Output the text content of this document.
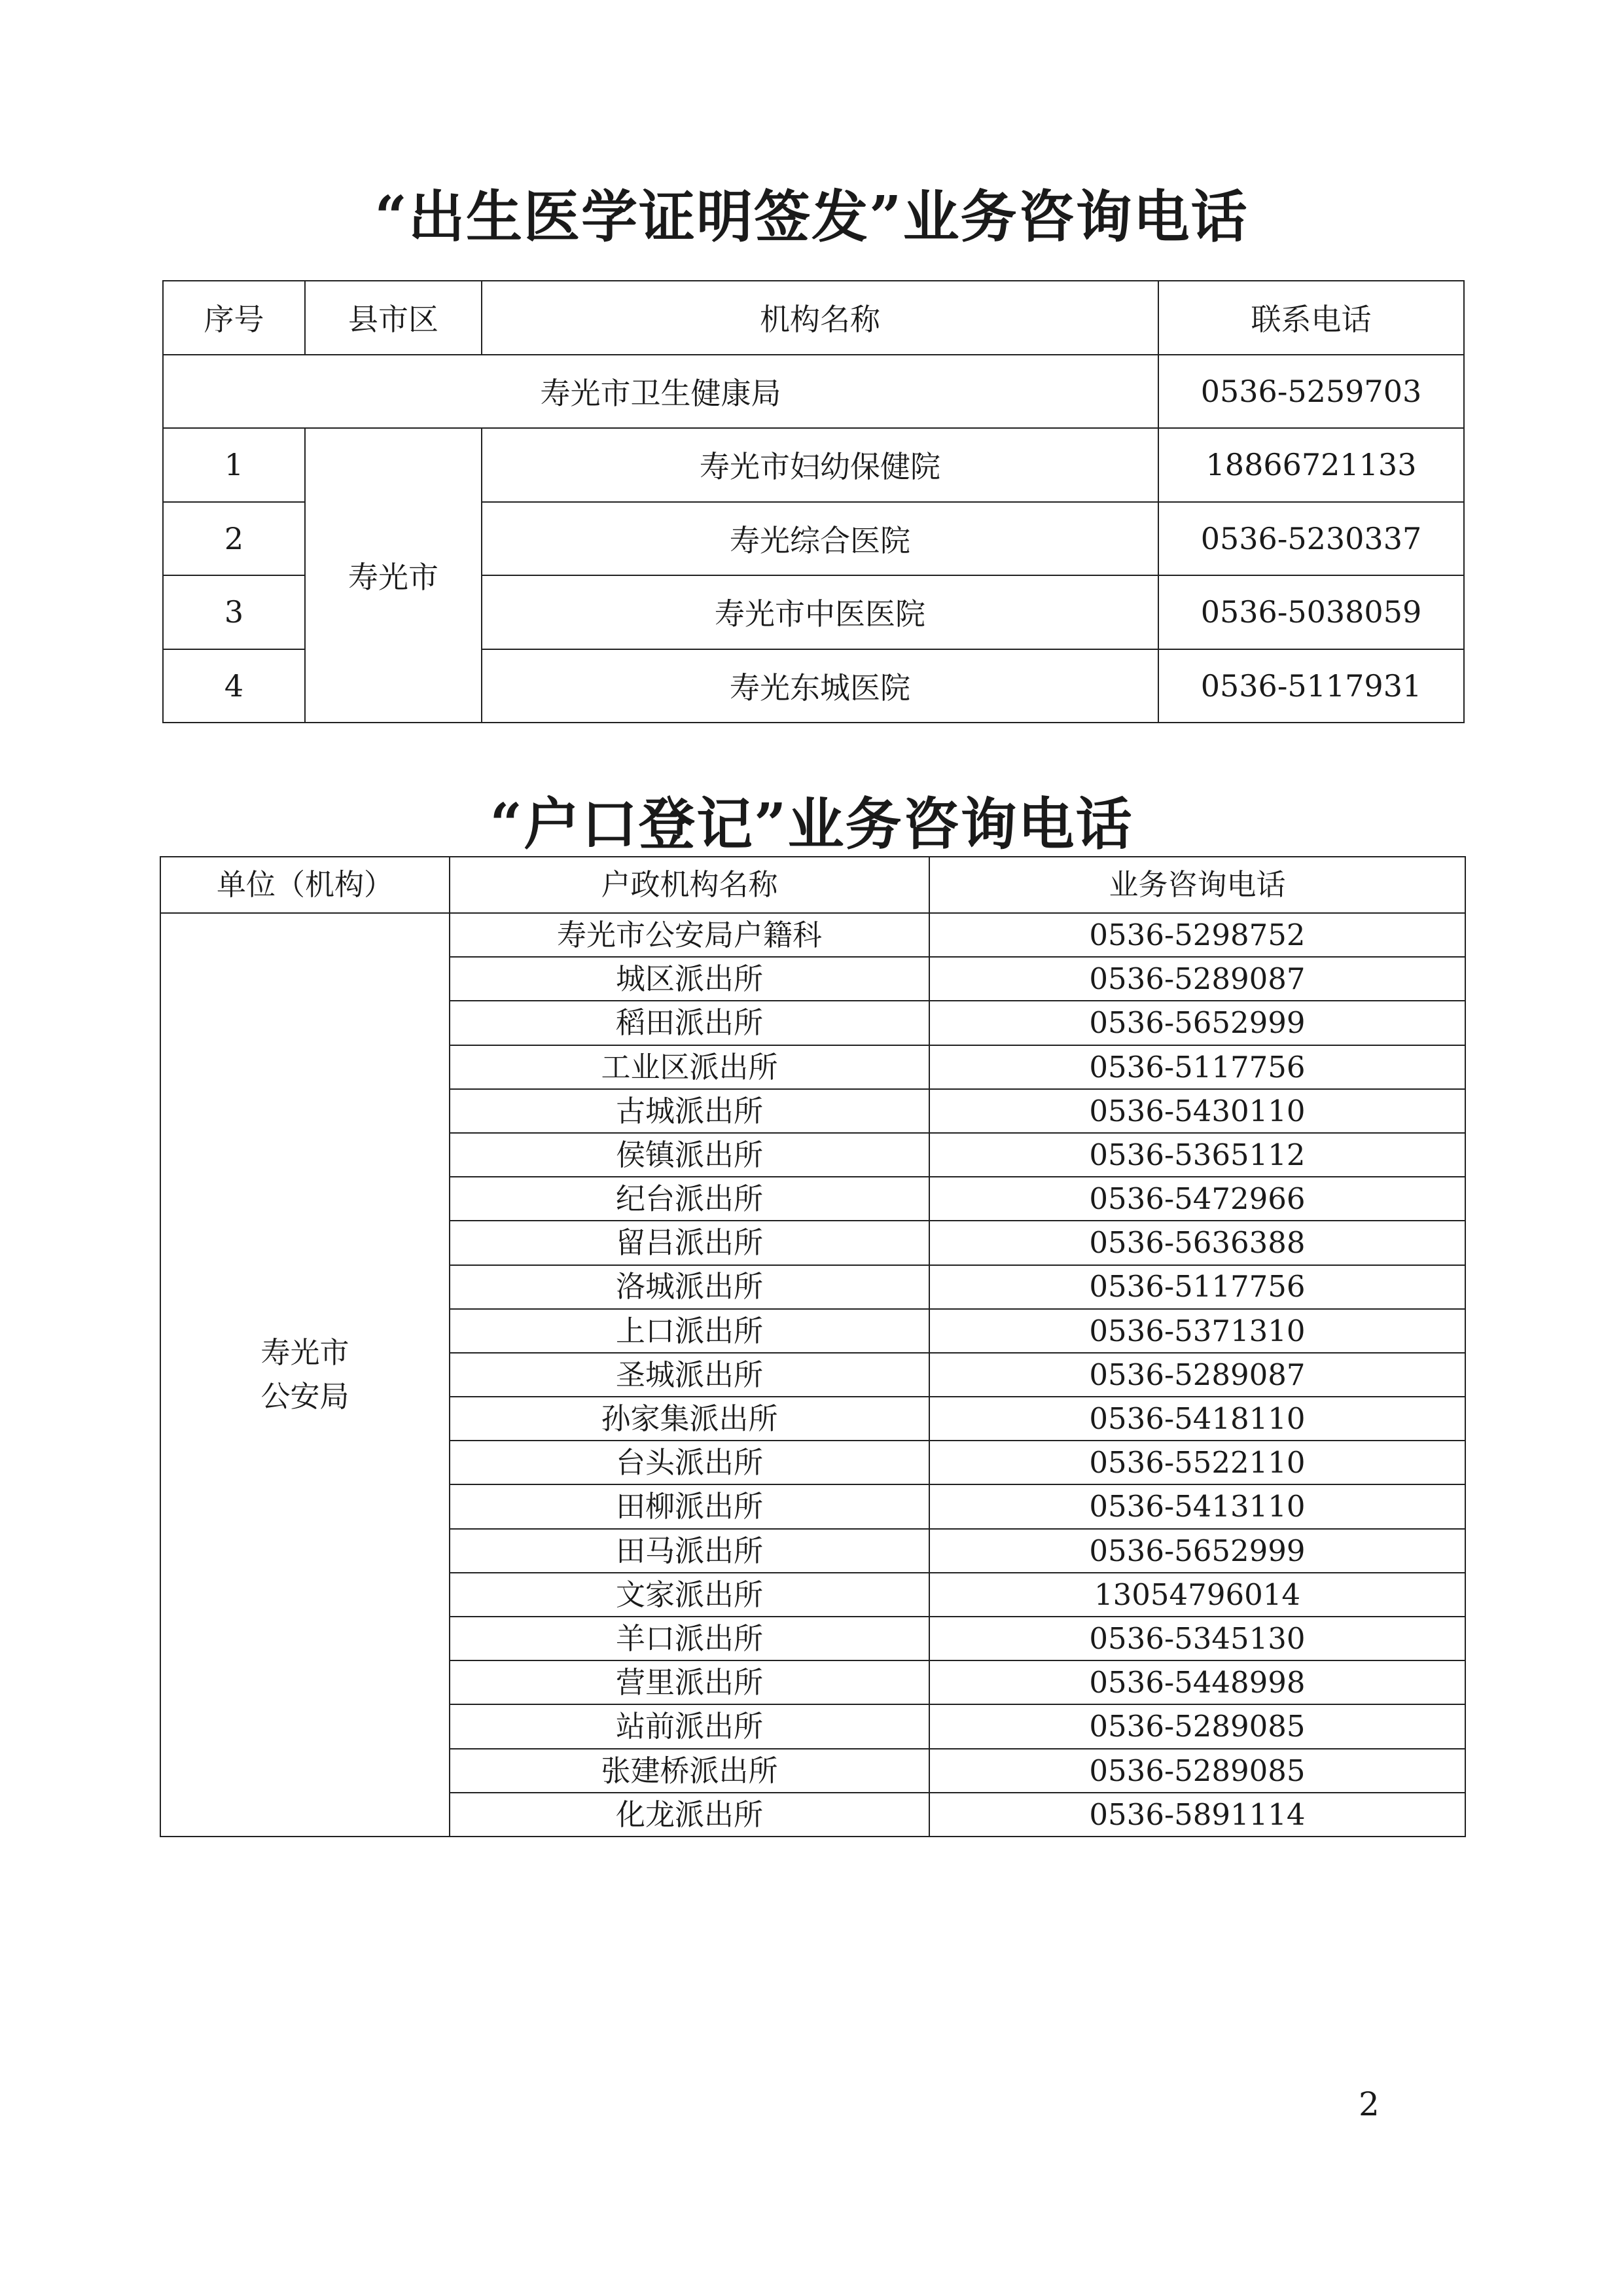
“出生医学证明签发”业务咨询电话
序号	县市区	机构名称	联系电话
寿光市卫生健康局			0536-5259703
1	寿光市	寿光市妇幼保健院	18866721133
2		寿光综合医院	0536-5230337
3		寿光市中医医院	0536-5038059
4		寿光东城医院	0536-5117931
“户口登记”业务咨询电话
单位（机构）	户政机构名称	业务咨询电话

寿光市
公安局	寿光市公安局户籍科	0536-5298752
	城区派出所	0536-5289087
	稻田派出所	0536-5652999
	工业区派出所	0536-5117756
	古城派出所	0536-5430110
	侯镇派出所	0536-5365112
	纪台派出所	0536-5472966
	留吕派出所	0536-5636388
	洛城派出所	0536-5117756
	上口派出所	0536-5371310
	圣城派出所	0536-5289087
	孙家集派出所	0536-5418110
	台头派出所	0536-5522110
	田柳派出所	0536-5413110
	田马派出所	0536-5652999
	文家派出所	13054796014
	羊口派出所	0536-5345130
	营里派出所	0536-5448998
	站前派出所	0536-5289085
	张建桥派出所	0536-5289085
	化龙派出所	0536-5891114
2
